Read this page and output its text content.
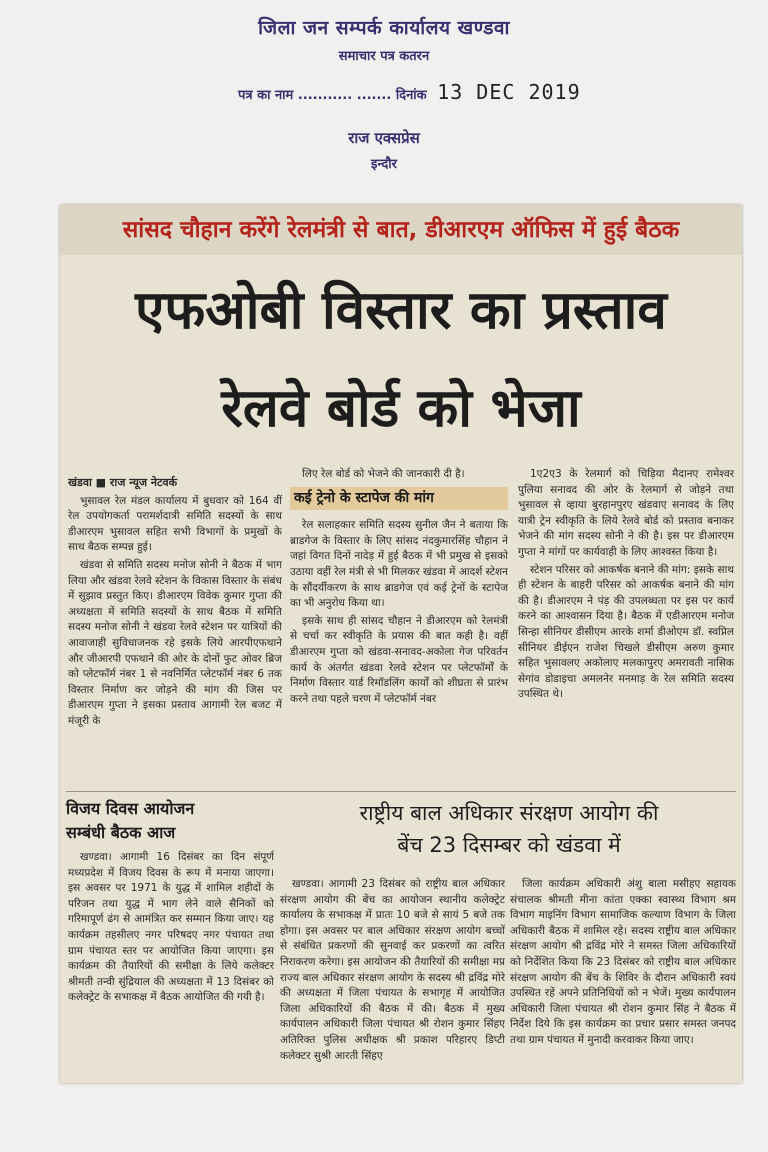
जिला जन सम्पर्क कार्यालय खण्डवा
समाचार पत्र कतरन
पत्र का नाम ........... ....... दिनांक 13 DEC 2019
राज एक्सप्रेस
इन्दौर
सांसद चौहान करेंगे रेलमंत्री से बात, डीआरएम ऑफिस में हुई बैठक
एफओबी विस्तार का प्रस्ताव
रेलवे बोर्ड को भेजा
खंडवा ■ राज न्यूज नेटवर्क

भुसावल रेल मंडल कार्यालय में बुधवार को 164 वीं रेल उपयोगकर्ता परामर्शदात्री समिति सदस्यों के साथ डीआरएम भुसावल सहित सभी विभागों के प्रमुखों के साथ बैठक सम्पन्न हुई।

खंडवा से समिति सदस्य मनोज सोनी ने बैठक में भाग लिया और खंडवा रेलवे स्टेशन के विकास विस्तार के संबंध में सुझाव प्रस्तुत किए। डीआरएम विवेक कुमार गुप्ता की अध्यक्षता में समिति सदस्यों के साथ बैठक में समिति सदस्य मनोज सोनी ने खंडवा रेलवे स्टेशन पर यात्रियों की आवाजाही सुविधाजनक रहे इसके लिये आरपीएफथाने और जीआरपी एफथाने की ओर के दोनों फुट ओवर ब्रिज को प्लेटफॉर्म नंबर 1 से नवनिर्मित प्लेटफॉर्म नंबर 6 तक विस्तार निर्माण कर जोड़ने की मांग की जिस पर डीआरएम गुप्ता ने इसका प्रस्ताव आगामी रेल बजट में मंजूरी के

लिए रेल बोर्ड को भेजने की जानकारी दी है।

कई ट्रेनो के स्टापेज की मांग

रेल सलाहकार समिति सदस्य सुनील जैन ने बताया कि ब्राडगेज के विस्तार के लिए सांसद नंदकुमारसिंह चौहान ने जहां विगत दिनों नादेड़ में हुई बैठक में भी प्रमुख से इसको उठाया वहीं रेल मंत्री से भी मिलकर खंडवा में आदर्श स्टेशन के सौंदर्यीकरण के साथ ब्राडगेज एवं कई ट्रेनों के स्टापेज का भी अनुरोध किया था।

इसके साथ ही सांसद चौहान ने डीआरएम को रेलमंत्री से चर्चा कर स्वीकृति के प्रयास की बात कही है। वहीं डीआरएम गुप्ता को खंडवा-सनावद-अकोला गेज परिवर्तन कार्य के अंतर्गत खंडवा रेलवे स्टेशन पर प्लेटफॉर्मों के निर्माण विस्तार यार्ड रिमॉडलिंग कार्यों को शीघ्रता से प्रारंभ करने तथा पहले चरण में प्लेटफॉर्म नंबर

1ए2ए3 के रेलमार्ग को चिड़िया मैदानए रामेश्वर पुलिया सनावद की ओर के रेलमार्ग से जोड़ने तथा भुसावल से व्हाया बुरहानपुरए खंडवाए सनावद के लिए यात्री ट्रेन स्वीकृति के लिये रेलवे बोर्ड को प्रस्ताव बनाकर भेजने की मांग सदस्य सोनी ने की है। इस पर डीआरएम गुप्ता ने मांगों पर कार्यवाही के लिए आश्वस्त किया है।

स्टेशन परिसर को आकर्षक बनाने की मांग: इसके साथ ही स्टेशन के बाहरी परिसर को आकर्षक बनाने की मांग की है। डीआरएम ने पंड़ की उपलब्धता पर इस पर कार्य करने का आश्वासन दिया है। बैठक में एडीआरएम मनोज सिन्हा सीनियर डीसीएम आरके शर्मा डीओएम डॉ. स्वप्निल सीनियर डीईएन राजेश चिखले डीसीएम अरुण कुमार सहित भुसावलए अकोलाए मलकापुरए अमरावती नासिक सेगांव डोडाइचा अमलनेर मनमाड़ के रेल समिति सदस्य उपस्थित थे।

विजय दिवस आयोजन
सम्बंधी बैठक आज

खण्डवा। आगामी 16 दिसंबर का दिन संपूर्ण मध्यप्रदेश में विजय दिवस के रूप में मनाया जाएगा। इस अवसर पर 1971 के युद्ध में शामिल शहीदों के परिजन तथा युद्ध में भाग लेने वाले सैनिकों को गरिमापूर्ण ढंग से आमंत्रित कर सम्मान किया जाए। यह कार्यक्रम तहसीलए नगर परिषदए नगर पंचायत तथा ग्राम पंचायत स्तर पर आयोजित किया जाएगा। इस कार्यक्रम की तैयारियों की समीक्षा के लिये कलेक्टर श्रीमती तन्वी सुंद्रियाल की अध्यक्षता में 13 दिसंबर को कलेक्ट्रेट के सभाकक्ष में बैठक आयोजित की गयी है।

राष्ट्रीय बाल अधिकार संरक्षण आयोग की
बेंच 23 दिसम्बर को खंडवा में

खण्डवा। आगामी 23 दिसंबर को राष्ट्रीय बाल अधिकार संरक्षण आयोग की बेंच का आयोजन स्थानीय कलेक्ट्रेट कार्यालय के सभाकक्ष में प्रातः 10 बजे से सायं 5 बजे तक होगा। इस अवसर पर बाल अधिकार संरक्षण आयोग बच्चों से संबंधित प्रकरणों की सुनवाई कर प्रकरणों का त्वरित निराकरण करेगा। इस आयोजन की तैयारियों की समीक्षा मप्र राज्य बाल अधिकार संरक्षण आयोग के सदस्य श्री द्रविंद्र मोरे की अध्यक्षता में जिला पंचायत के सभागृह में आयोजित जिला अधिकारियों की बैठक में की। बैठक में मुख्य कार्यपालन अधिकारी जिला पंचायत श्री रोशन कुमार सिंहए अतिरिक्त पुलिस अधीक्षक श्री प्रकाश परिहारए डिप्टी कलेक्टर सुश्री आरती सिंहए

जिला कार्यक्रम अधिकारी अंशु बाला मसीहए सहायक संचालक श्रीमती मीना कांता एक्का स्वास्थ्य विभाग श्रम विभाग माइनिंग विभाग सामाजिक कल्याण विभाग के जिला अधिकारी बैठक में शामिल रहे। सदस्य राष्ट्रीय बाल अधिकार संरक्षण आयोग श्री द्रविंद्र मोरे ने समस्त जिला अधिकारियों को निर्देशित किया कि 23 दिसंबर को राष्ट्रीय बाल अधिकार संरक्षण आयोग की बेंच के शिविर के दौरान अधिकारी स्वयं उपस्थित रहें अपने प्रतिनिधियों को न भेजें। मुख्य कार्यपालन अधिकारी जिला पंचायत श्री रोशन कुमार सिंह ने बैठक में निर्देश दिये कि इस कार्यक्रम का प्रचार प्रसार समस्त जनपद तथा ग्राम पंचायत में मुनादी करवाकर किया जाए।
